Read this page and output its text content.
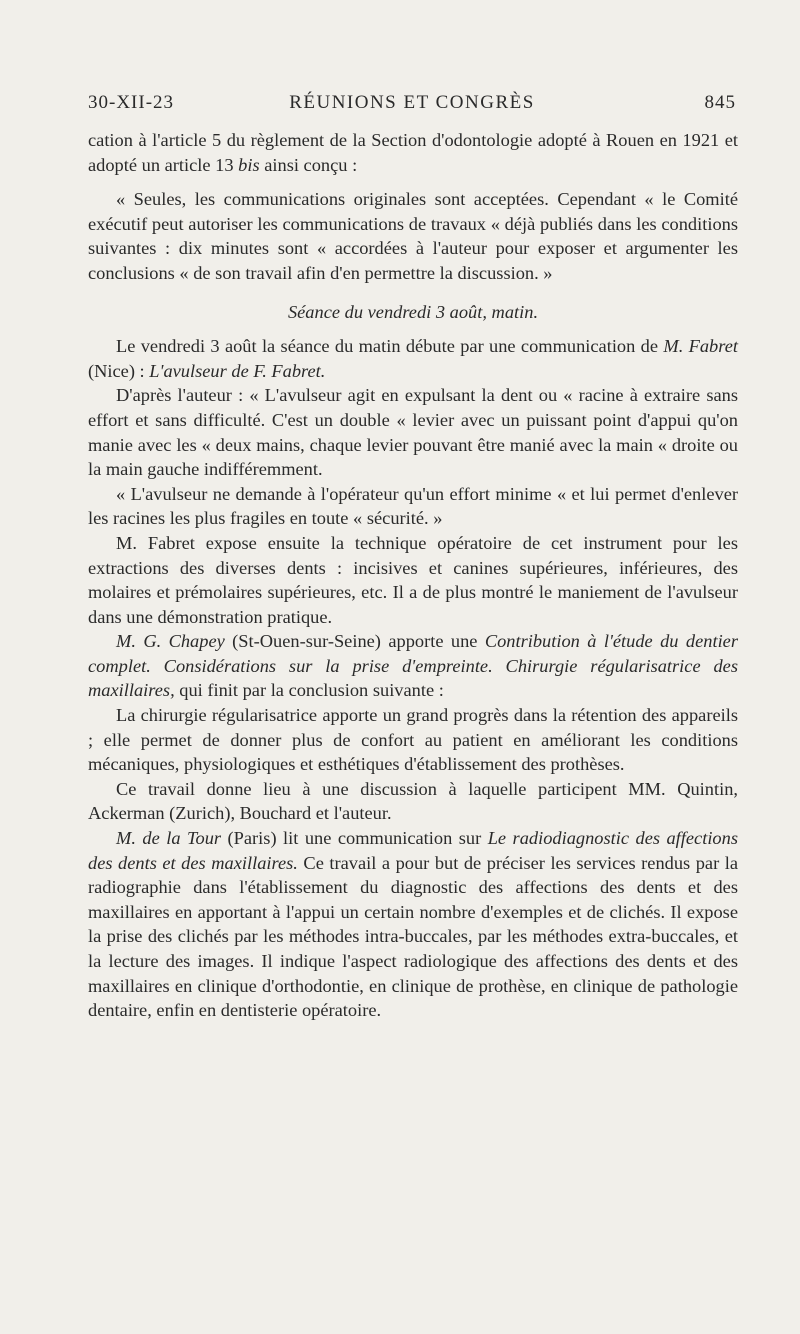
30-XII-23	RÉUNIONS ET CONGRÈS	845

cation à l'article 5 du règlement de la Section d'odontologie adopté à Rouen en 1921 et adopté un article 13 bis ainsi conçu :

« Seules, les communications originales sont acceptées. Cependant « le Comité exécutif peut autoriser les communications de travaux « déjà publiés dans les conditions suivantes : dix minutes sont « accordées à l'auteur pour exposer et argumenter les conclusions « de son travail afin d'en permettre la discussion. »

Séance du vendredi 3 août, matin.

Le vendredi 3 août la séance du matin débute par une communication de M. Fabret (Nice) : L'avulseur de F. Fabret.

D'après l'auteur : « L'avulseur agit en expulsant la dent ou « racine à extraire sans effort et sans difficulté. C'est un double « levier avec un puissant point d'appui qu'on manie avec les « deux mains, chaque levier pouvant être manié avec la main « droite ou la main gauche indifféremment.

« L'avulseur ne demande à l'opérateur qu'un effort minime « et lui permet d'enlever les racines les plus fragiles en toute « sécurité. »

M. Fabret expose ensuite la technique opératoire de cet instrument pour les extractions des diverses dents : incisives et canines supérieures, inférieures, des molaires et prémolaires supérieures, etc. Il a de plus montré le maniement de l'avulseur dans une démonstration pratique.

M. G. Chapey (St-Ouen-sur-Seine) apporte une Contribution à l'étude du dentier complet. Considérations sur la prise d'empreinte. Chirurgie régularisatrice des maxillaires, qui finit par la conclusion suivante :

La chirurgie régularisatrice apporte un grand progrès dans la rétention des appareils ; elle permet de donner plus de confort au patient en améliorant les conditions mécaniques, physiologiques et esthétiques d'établissement des prothèses.

Ce travail donne lieu à une discussion à laquelle participent MM. Quintin, Ackerman (Zurich), Bouchard et l'auteur.

M. de la Tour (Paris) lit une communication sur Le radiodiagnostic des affections des dents et des maxillaires. Ce travail a pour but de préciser les services rendus par la radiographie dans l'établissement du diagnostic des affections des dents et des maxillaires en apportant à l'appui un certain nombre d'exemples et de clichés. Il expose la prise des clichés par les méthodes intra-buccales, par les méthodes extra-buccales, et la lecture des images. Il indique l'aspect radiologique des affections des dents et des maxillaires en clinique d'orthodontie, en clinique de prothèse, en clinique de pathologie dentaire, enfin en dentisterie opératoire.
